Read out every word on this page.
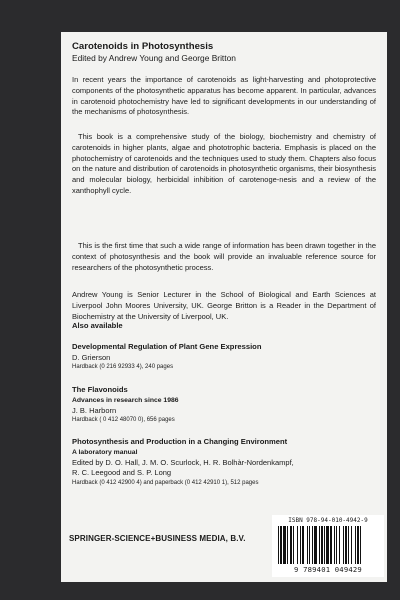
Carotenoids in Photosynthesis

Edited by Andrew Young and George Britton

In recent years the importance of carotenoids as light-harvesting and photoprotective components of the photosynthetic apparatus has become apparent. In particular, advances in carotenoid photochemistry have led to significant developments in our understanding of the mechanisms of photosynthesis.

This book is a comprehensive study of the biology, biochemistry and chemistry of carotenoids in higher plants, algae and phototrophic bacteria. Emphasis is placed on the photochemistry of carotenoids and the techniques used to study them. Chapters also focus on the nature and distribution of carotenoids in photosynthetic organisms, their biosynthesis and molecular biology, herbicidal inhibition of carotenoge-nesis and a review of the xanthophyll cycle.

This is the first time that such a wide range of information has been drawn together in the context of photosynthesis and the book will provide an invaluable reference source for researchers of the photosynthetic process.

Andrew Young is Senior Lecturer in the School of Biological and Earth Sciences at Liverpool John Moores University, UK. George Britton is a Reader in the Department of Biochemistry at the University of Liverpool, UK.

Also available

Developmental Regulation of Plant Gene Expression

D. Grierson

Hardback (0 216 92933 4), 240 pages

The Flavonoids

Advances in research since 1986

J. B. Harborn

Hardback ( 0 412 48070 0), 656 pages

Photosynthesis and Production in a Changing Environment

A laboratory manual

Edited by D. O. Hall, J. M. O. Scurlock, H. R. Bolhàr-Nordenkampf,

R. C. Leegood and S. P. Long

Hardback (0 412 42900 4) and paperback (0 412 42910 1), 512 pages

SPRINGER-SCIENCE+BUSINESS MEDIA, B.V.

ISBN 978-94-010-4942-9

9 789401 049429
